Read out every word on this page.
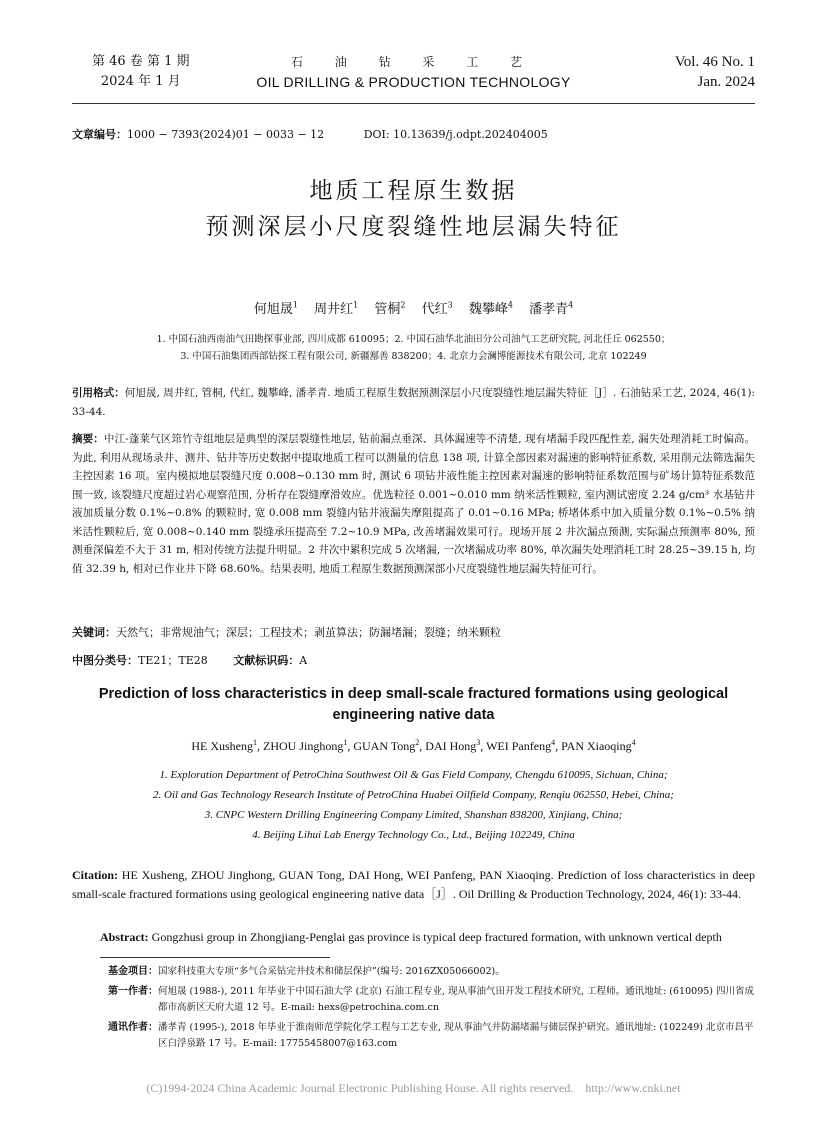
第 46 卷 第 1 期
2024 年 1 月
石 油 钻 采 工 艺
OIL DRILLING & PRODUCTION TECHNOLOGY
Vol. 46 No. 1
Jan. 2024
文章编号：1000 − 7393(2024)01 − 0033 − 12	DOI: 10.13639/j.odpt.202404005
地质工程原生数据
预测深层小尺度裂缝性地层漏失特征
何旭晟$^1$ 周井红$^1$ 管桐$^2$ 代红$^3$ 魏攀峰$^4$ 潘孝青$^4$
1. 中国石油西南油气田勘探事业部, 四川成都 610095；2. 中国石油华北油田分公司油气工艺研究院, 河北任丘 062550；
3. 中国石油集团西部钻探工程有限公司, 新疆鄯善 838200；4. 北京力会澜博能源技术有限公司, 北京 102249
引用格式：何旭晟, 周井红, 管桐, 代红, 魏攀峰, 潘孝青. 地质工程原生数据预测深层小尺度裂缝性地层漏失特征［J］. 石油钻采工艺, 2024, 46(1): 33-44.
摘要：中江-蓬莱气区筇竹寺组地层是典型的深层裂缝性地层, 钻前漏点垂深、具体漏速等不清楚, 现有堵漏手段匹配性差, 漏失处理消耗工时偏高。为此, 利用从现场录井、测井、钻井等历史数据中提取地质工程可以测量的信息 138 项, 计算全部因素对漏速的影响特征系数, 采用削元法筛选漏失主控因素 16 项。室内模拟地层裂缝尺度 0.008~0.130 mm 时, 测试 6 项钻井液性能主控因素对漏速的影响特征系数范围与矿场计算特征系数范围一致, 该裂缝尺度超过岩心观察范围, 分析存在裂缝摩滑效应。优选粒径 0.001~0.010 mm 纳米活性颗粒, 室内测试密度 2.24 g/cm³ 水基钻井液加质量分数 0.1%~0.8% 的颗粒时, 宽 0.008 mm 裂缝内钻井液漏失摩阻提高了 0.01~0.16 MPa; 桥堵体系中加入质量分数 0.1%~0.5% 纳米活性颗粒后, 宽 0.008~0.140 mm 裂缝承压提高至 7.2~10.9 MPa, 改善堵漏效果可行。现场开展 2 井次漏点预测, 实际漏点预测率 80%, 预测垂深偏差不大于 31 m, 相对传统方法提升明显。2 井次中累积完成 5 次堵漏, 一次堵漏成功率 80%, 单次漏失处理消耗工时 28.25~39.15 h, 均值 32.39 h, 相对已作业井下降 68.60%。结果表明, 地质工程原生数据预测深部小尺度裂缝性地层漏失特征可行。
关键词：天然气；非常规油气；深层；工程技术；剥茧算法；防漏堵漏；裂缝；纳米颗粒
中图分类号：TE21；TE28 文献标识码：A
Prediction of loss characteristics in deep small-scale fractured formations using geological engineering native data
HE Xusheng$^1$, ZHOU Jinghong$^1$, GUAN Tong$^2$, DAI Hong$^3$, WEI Panfeng$^4$, PAN Xiaoqing$^4$
1. Exploration Department of PetroChina Southwest Oil & Gas Field Company, Chengdu 610095, Sichuan, China;
2. Oil and Gas Technology Research Institute of PetroChina Huabei Oilfield Company, Renqiu 062550, Hebei, China;
3. CNPC Western Drilling Engineering Company Limited, Shanshan 838200, Xinjiang, China;
4. Beijing Lihui Lab Energy Technology Co., Ltd., Beijing 102249, China
Citation: HE Xusheng, ZHOU Jinghong, GUAN Tong, DAI Hong, WEI Panfeng, PAN Xiaoqing. Prediction of loss characteristics in deep small-scale fractured formations using geological engineering native data［J］. Oil Drilling & Production Technology, 2024, 46(1): 33-44.
Abstract: Gongzhusi group in Zhongjiang-Penglai gas province is typical deep fractured formation, with unknown vertical depth
基金项目： 国家科技重大专项“多气合采钻完井技术和储层保护”(编号: 2016ZX05066002)。
第一作者： 何旭晟 (1988-), 2011 年毕业于中国石油大学 (北京) 石油工程专业, 现从事油气田开发工程技术研究, 工程师。通讯地址: (610095) 四川省成都市高新区天府大道 12 号。E-mail: hexs@petrochina.com.cn
通讯作者： 潘孝青 (1995-), 2018 年毕业于淮南师范学院化学工程与工艺专业, 现从事油气井防漏堵漏与储层保护研究。通讯地址: (102249) 北京市昌平区白浮泉路 17 号。E-mail: 17755458007@163.com
(C)1994-2024 China Academic Journal Electronic Publishing House. All rights reserved.    http://www.cnki.net
